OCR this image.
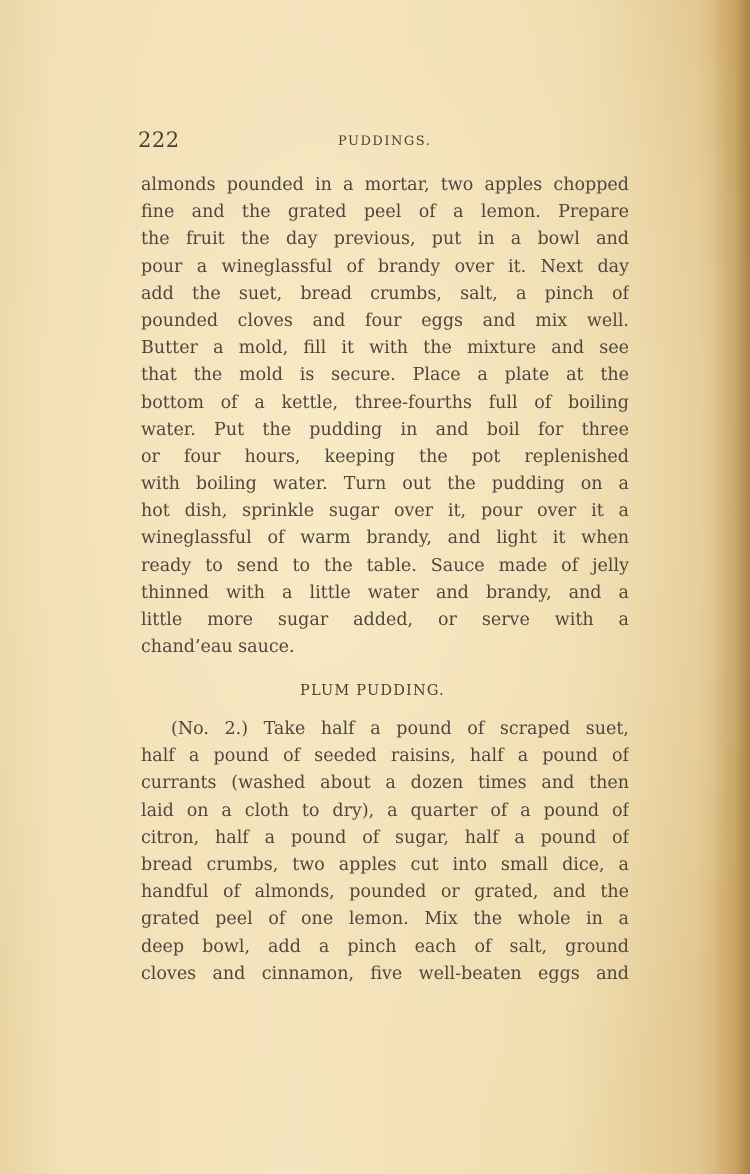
222	PUDDINGS.
almonds pounded in a mortar, two apples chopped
fine and the grated peel of a lemon. Prepare
the fruit the day previous, put in a bowl and
pour a wineglassful of brandy over it. Next day
add the suet, bread crumbs, salt, a pinch of
pounded cloves and four eggs and mix well.
Butter a mold, fill it with the mixture and see
that the mold is secure. Place a plate at the
bottom of a kettle, three-fourths full of boiling
water. Put the pudding in and boil for three
or four hours, keeping the pot replenished
with boiling water. Turn out the pudding on a
hot dish, sprinkle sugar over it, pour over it a
wineglassful of warm brandy, and light it when
ready to send to the table. Sauce made of jelly
thinned with a little water and brandy, and a
little more sugar added, or serve with a
chand’eau sauce.
PLUM PUDDING.
(No. 2.) Take half a pound of scraped suet,
half a pound of seeded raisins, half a pound of
currants (washed about a dozen times and then
laid on a cloth to dry), a quarter of a pound of
citron, half a pound of sugar, half a pound of
bread crumbs, two apples cut into small dice, a
handful of almonds, pounded or grated, and the
grated peel of one lemon. Mix the whole in a
deep bowl, add a pinch each of salt, ground
cloves and cinnamon, five well-beaten eggs and
